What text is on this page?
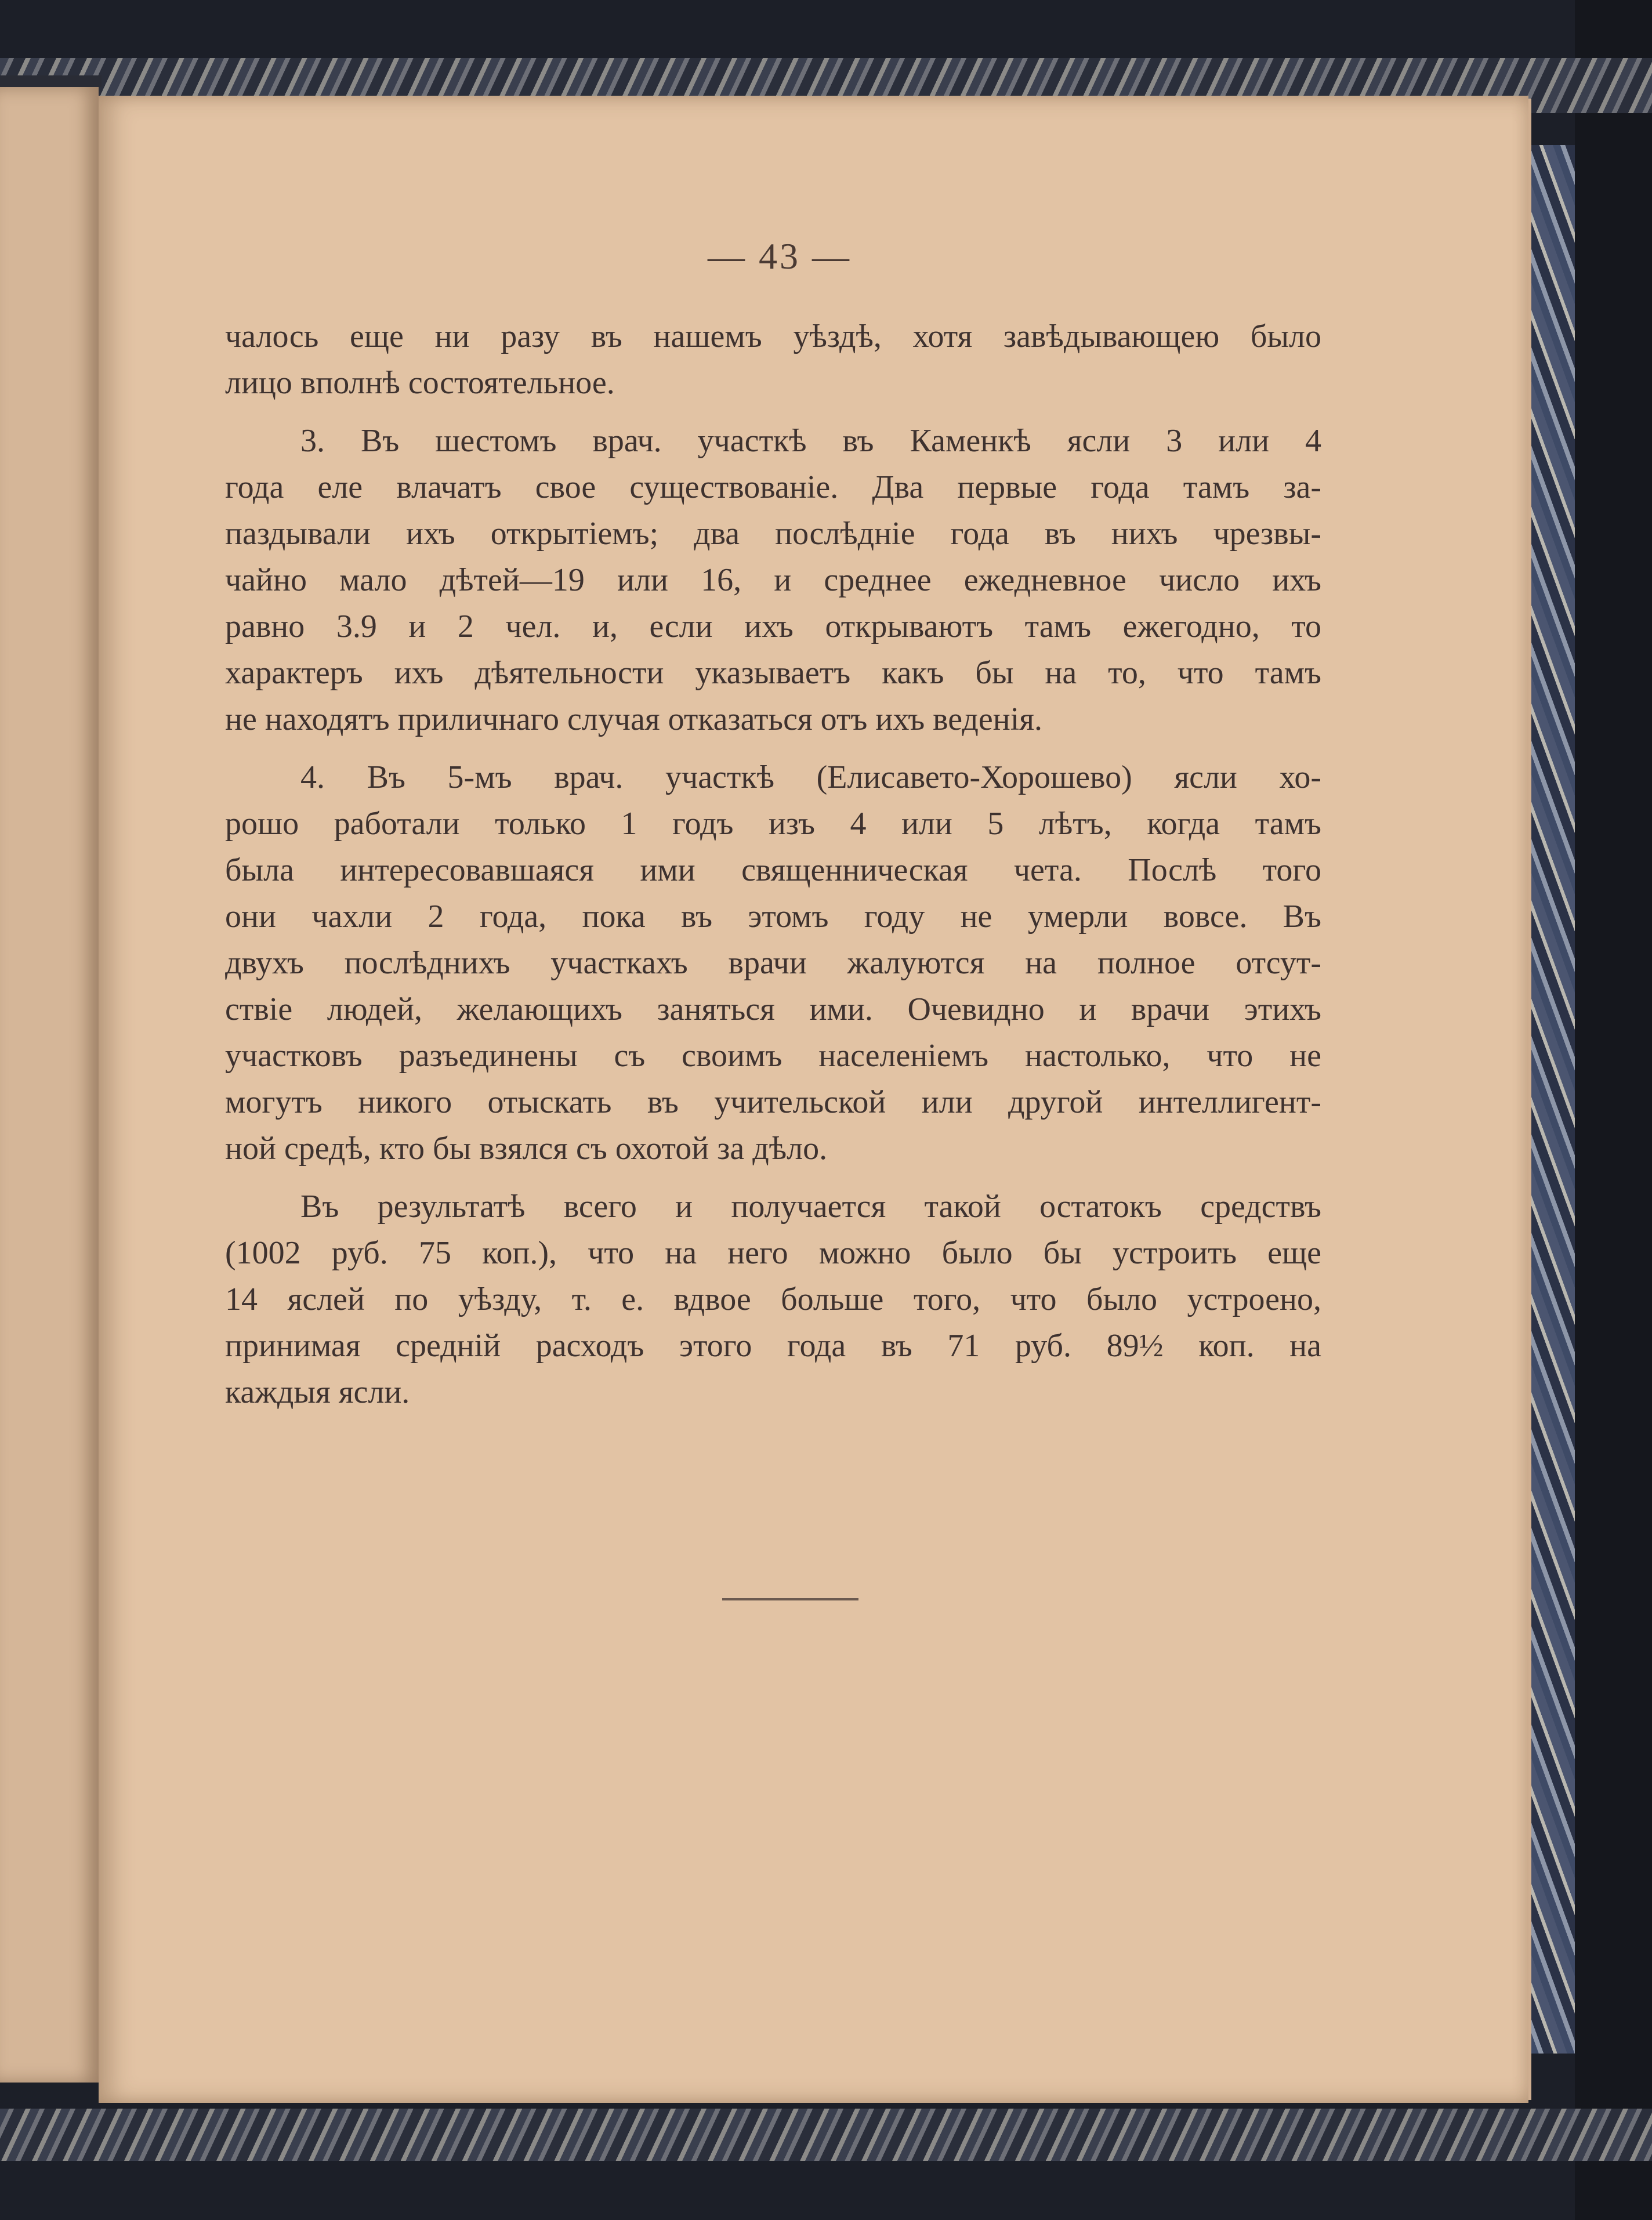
— 43 —
чалось еще ни разу въ нашемъ уѣздѣ, хотя завѣдывающею было
лицо вполнѣ состоятельное.
3. Въ шестомъ врач. участкѣ въ Каменкѣ ясли 3 или 4
года еле влачатъ свое существованіе. Два первые года тамъ за-
паздывали ихъ открытіемъ; два послѣдніе года въ нихъ чрезвы-
чайно мало дѣтей—19 или 16, и среднее ежедневное число ихъ
равно 3.9 и 2 чел. и, если ихъ открываютъ тамъ ежегодно, то
характеръ ихъ дѣятельности указываетъ какъ бы на то, что тамъ
не находятъ приличнаго случая отказаться отъ ихъ веденія.
4. Въ 5-мъ врач. участкѣ (Елисавето-Хорошево) ясли хо-
рошо работали только 1 годъ изъ 4 или 5 лѣтъ, когда тамъ
была интересовавшаяся ими священническая чета. Послѣ того
они чахли 2 года, пока въ этомъ году не умерли вовсе. Въ
двухъ послѣднихъ участкахъ врачи жалуются на полное отсут-
ствіе людей, желающихъ заняться ими. Очевидно и врачи этихъ
участковъ разъединены съ своимъ населеніемъ настолько, что не
могутъ никого отыскать въ учительской или другой интеллигент-
ной средѣ, кто бы взялся съ охотой за дѣло.
Въ результатѣ всего и получается такой остатокъ средствъ
(1002 руб. 75 коп.), что на него можно было бы устроить еще
14 яслей по уѣзду, т. е. вдвое больше того, что было устроено,
принимая среднiй расходъ этого года въ 71 руб. 89½ коп. на
каждыя ясли.
